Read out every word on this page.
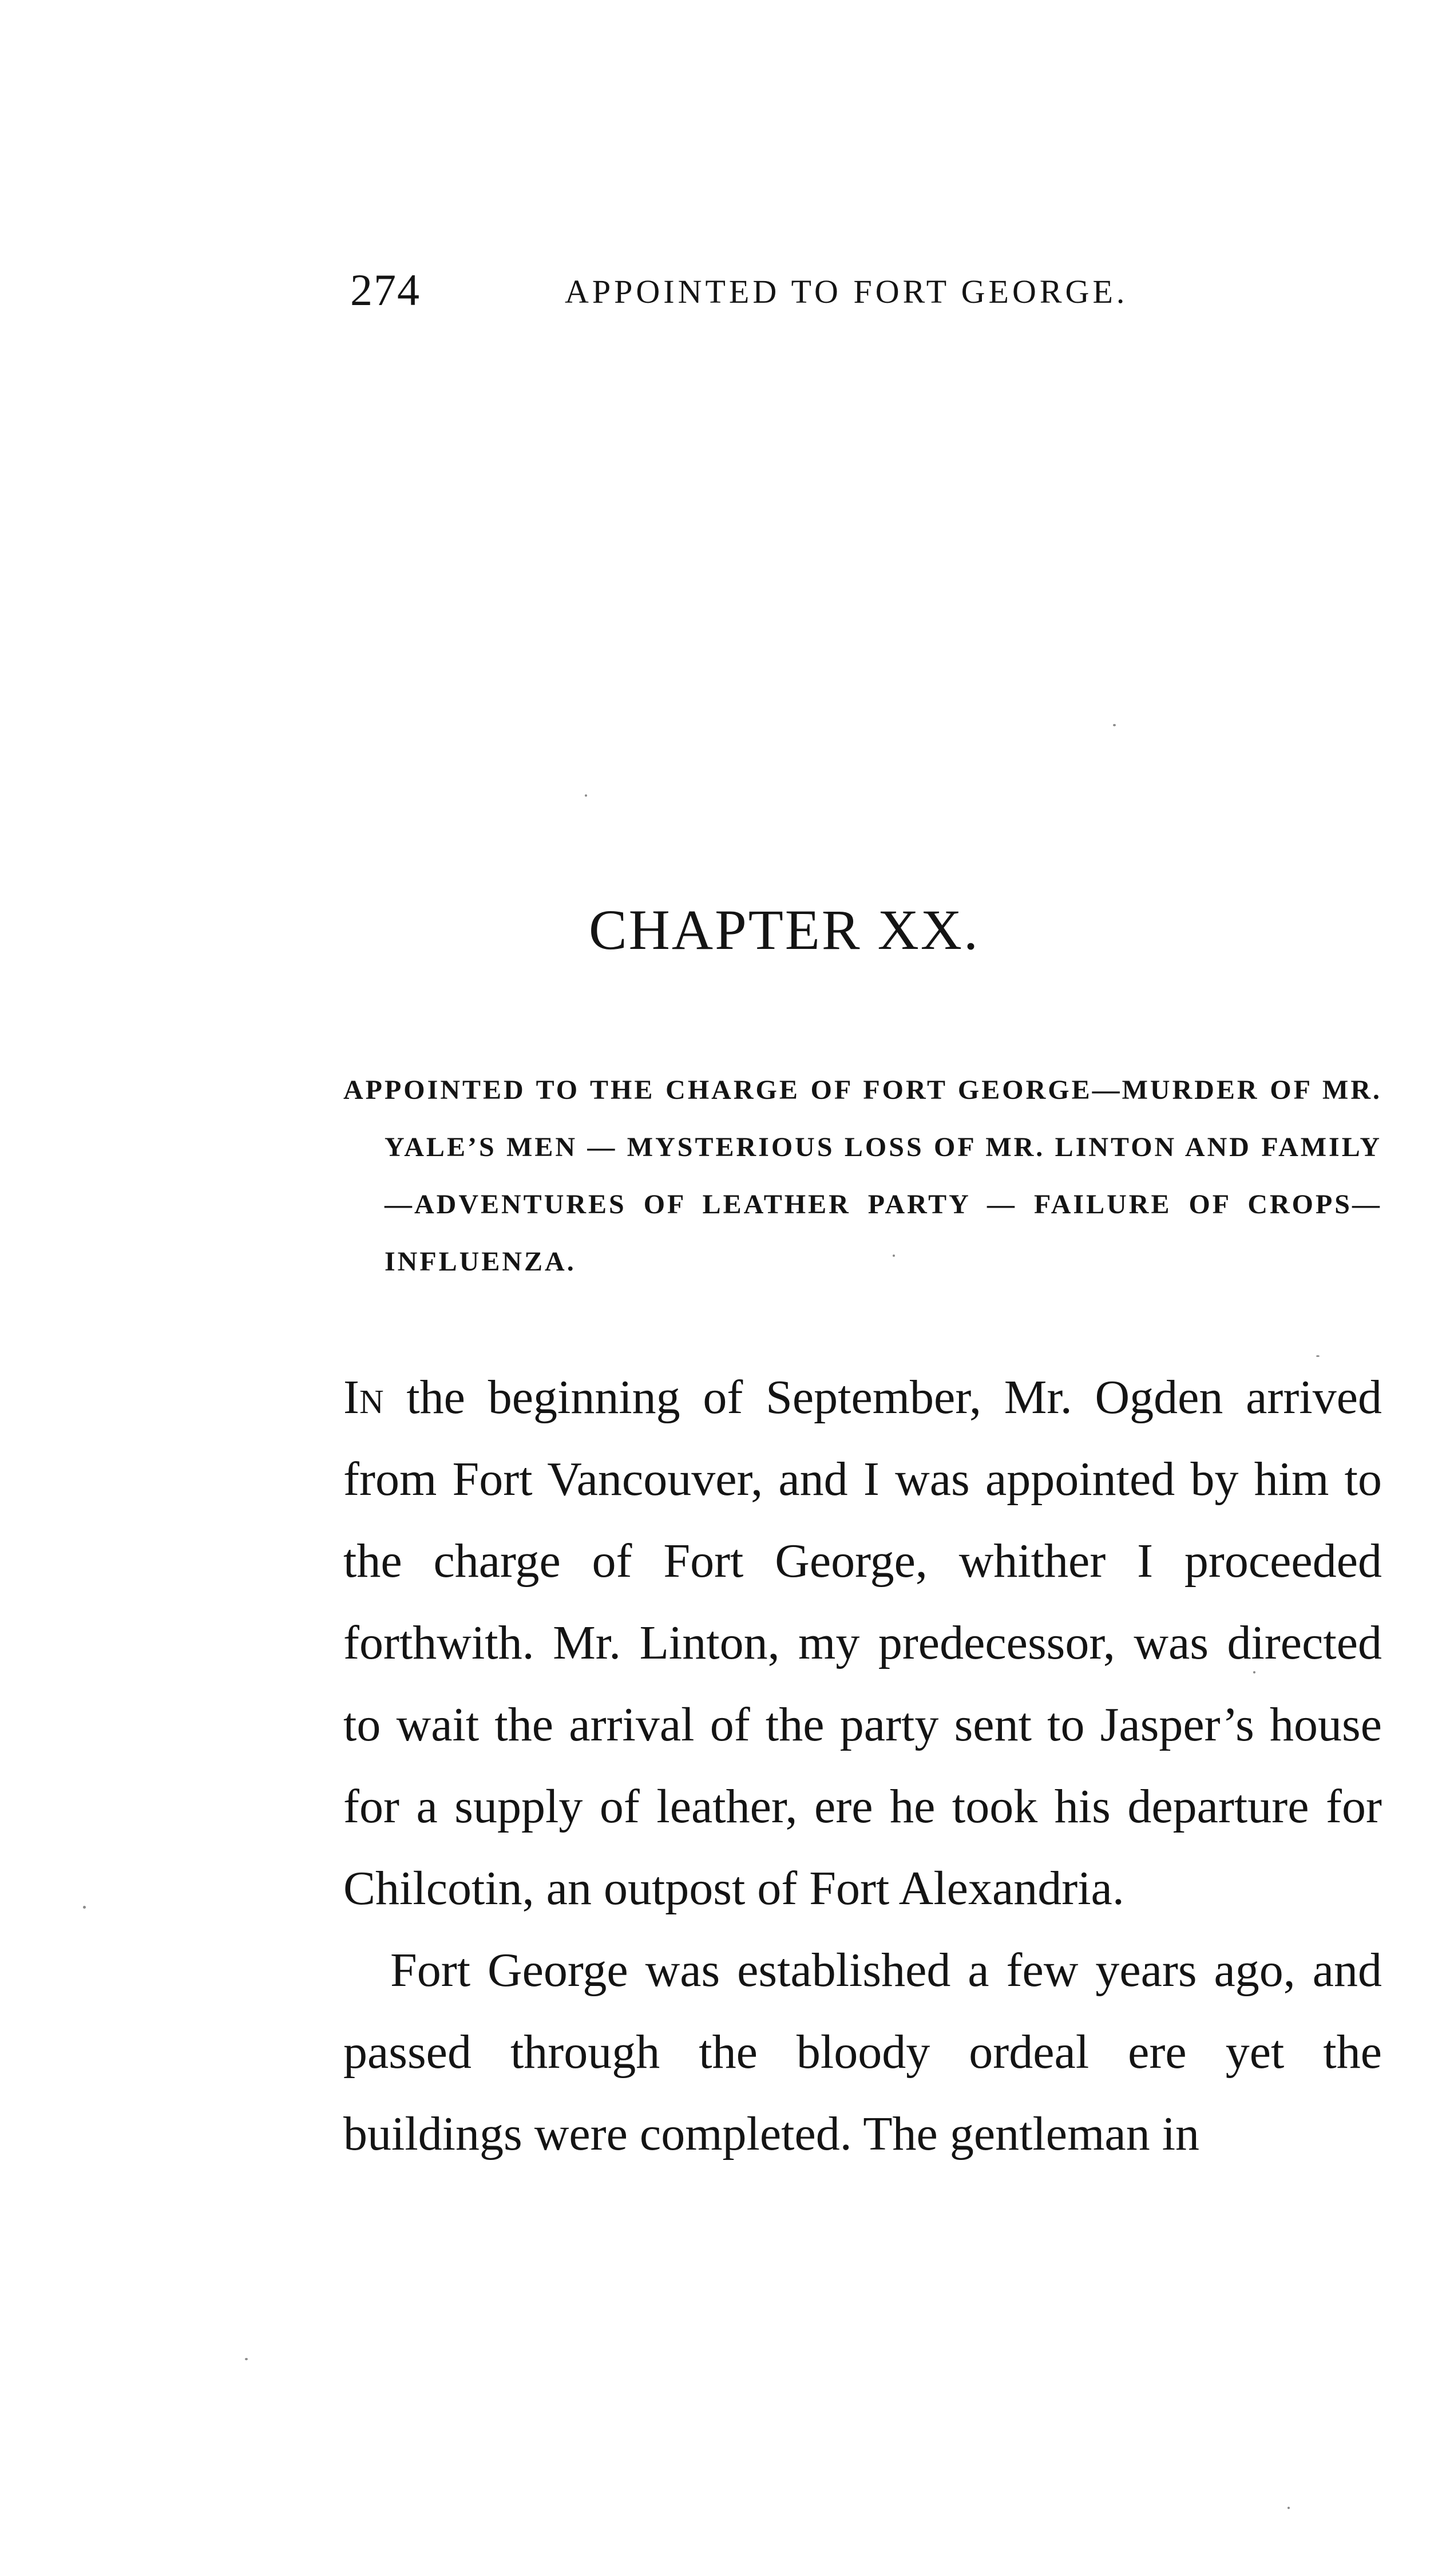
274	APPOINTED TO FORT GEORGE.
CHAPTER XX.
APPOINTED TO THE CHARGE OF FORT GEORGE—MURDER OF MR. YALE’S MEN — MYSTERIOUS LOSS OF MR. LINTON AND FAMILY—ADVENTURES OF LEATHER PARTY — FAILURE OF CROPS—INFLUENZA.

In the beginning of September, Mr. Ogden arrived from Fort Vancouver, and I was appointed by him to the charge of Fort George, whither I proceeded forthwith. Mr. Linton, my predecessor, was directed to wait the arrival of the party sent to Jasper’s house for a supply of leather, ere he took his departure for Chilcotin, an outpost of Fort Alexandria.

Fort George was established a few years ago, and passed through the bloody ordeal ere yet the buildings were completed. The gentleman in
